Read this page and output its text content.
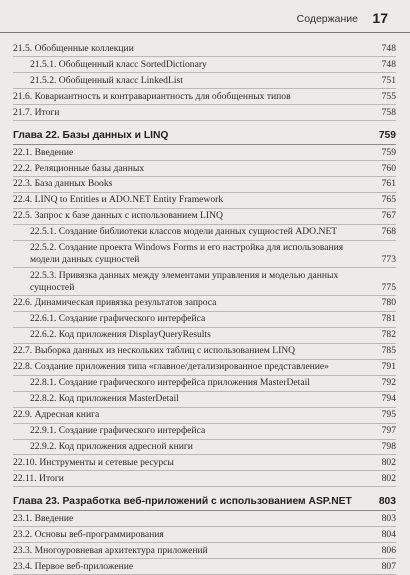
Содержание 17
21.5. Обобщенные коллекции	748
21.5.1. Обобщенный класс SortedDictionary	748
21.5.2. Обобщенный класс LinkedList	751
21.6. Ковариантность и контравариантность для обобщенных типов	755
21.7. Итоги	758
Глава 22. Базы данных и LINQ	759
22.1. Введение	759
22.2. Реляционные базы данных	760
22.3. База данных Books	761
22.4. LINQ to Entities и ADO.NET Entity Framework	765
22.5. Запрос к базе данных с использованием LINQ	767
22.5.1. Создание библиотеки классов модели данных сущностей ADO.NET	768
22.5.2. Создание проекта Windows Forms и его настройка для использования модели данных сущностей	773
22.5.3. Привязка данных между элементами управления и моделью данных сущностей	775
22.6. Динамическая привязка результатов запроса	780
22.6.1. Создание графического интерфейса	781
22.6.2. Код приложения DisplayQueryResults	782
22.7. Выборка данных из нескольких таблиц с использованием LINQ	785
22.8. Создание приложения типа «главное/детализированное представление»	791
22.8.1. Создание графического интерфейса приложения MasterDetail	792
22.8.2. Код приложения MasterDetail	794
22.9. Адресная книга	795
22.9.1. Создание графического интерфейса	797
22.9.2. Код приложения адресной книги	798
22.10. Инструменты и сетевые ресурсы	802
22.11. Итоги	802
Глава 23. Разработка веб-приложений с использованием ASP.NET	803
23.1. Введение	803
23.2. Основы веб-программирования	804
23.3. Многоуровневая архитектура приложений	806
23.4. Первое веб-приложение	807
